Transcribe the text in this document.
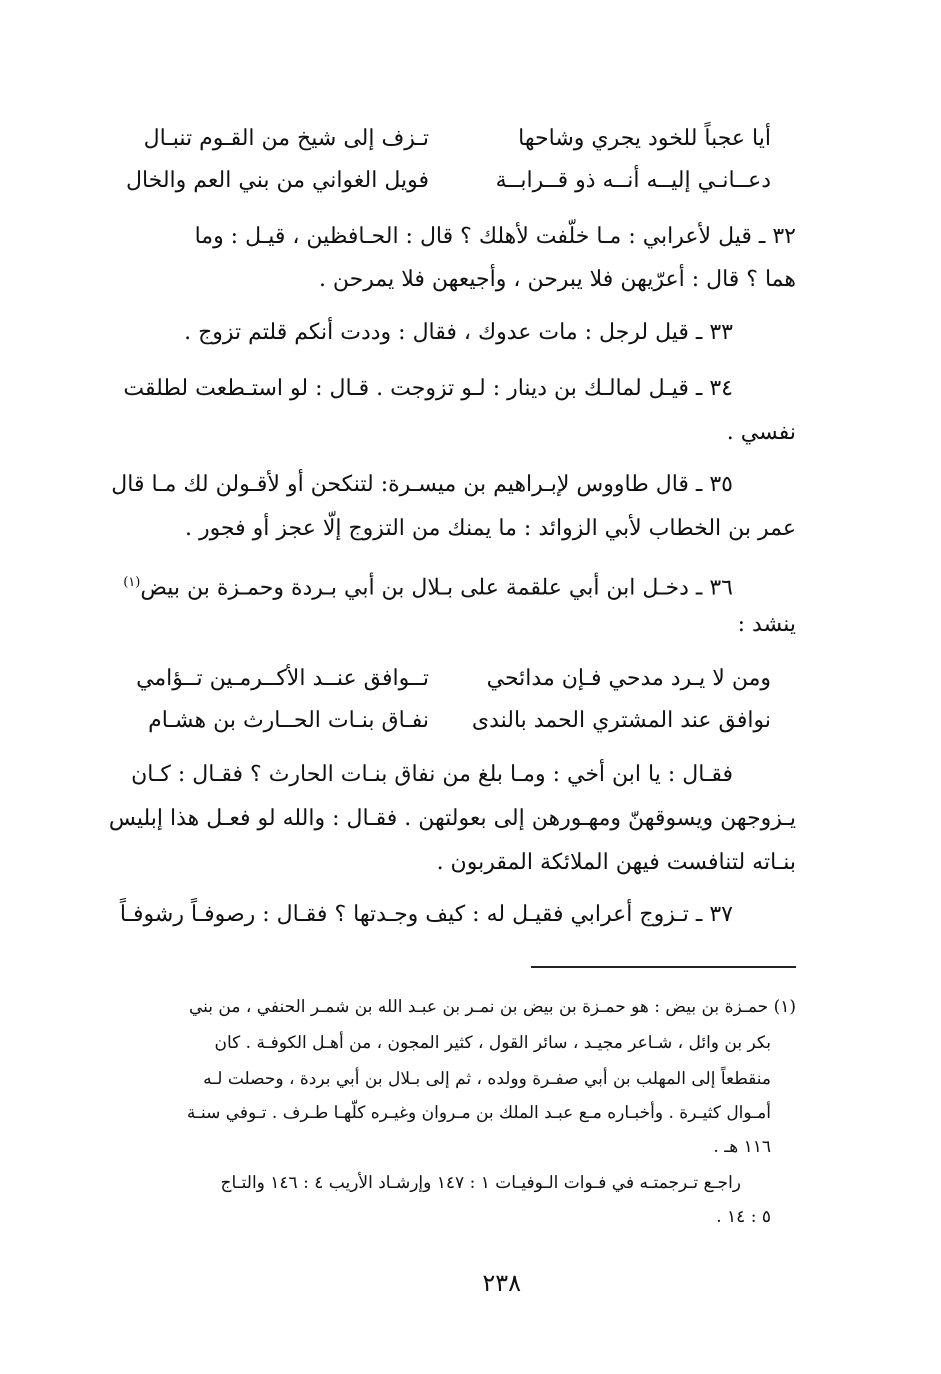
أيا عجباً للخود يجري وشاحها
تـزف إلى شيخ من القـوم تنبـال
دعــانـي إليــه أنــه ذو قــرابــة
فويل الغواني من بني العم والخال
٣٢ ـ قيل لأعرابي : مـا خلّفت لأهلك ؟ قال : الحـافظين ، قيـل : وما
هما ؟ قال : أعرّيهن فلا يبرحن ، وأجيعهن فلا يمرحن .
٣٣ ـ قيل لرجل : مات عدوك ، فقال : وددت أنكم قلتم تزوج .
٣٤ ـ قيـل لمالـك بن دينار : لـو تزوجت . قـال : لو استـطعت لطلقت
نفسي .
٣٥ ـ قال طاووس لإبـراهيم بن ميسـرة: لتنكحن أو لأقـولن لك مـا قال
عمر بن الخطاب لأبي الزوائد : ما يمنك من التزوج إلّا عجز أو فجور .
٣٦ ـ دخـل ابن أبي علقمة على بـلال بن أبي بـردة وحمـزة بن بيض$^{(١)}$
ينشد :
ومن لا يـرد مدحي فـإن مدائحي
تــوافق عنــد الأكــرمـين تــؤامي
نوافق عند المشتري الحمد بالندى
نفـاق بنـات الحــارث بن هشـام
فقـال : يا ابن أخي : ومـا بلغ من نفاق بنـات الحارث ؟ فقـال : كـان
يـزوجهن ويسوقهنّ ومهـورهن إلى بعولتهن . فقـال : والله لو فعـل هذا إبليس
بنـاته لتنافست فيهن الملائكة المقربون .
٣٧ ـ تـزوج أعرابي فقيـل له : كيف وجـدتها ؟ فقـال : رصوفـاً رشوفـاً
(١) حمـزة بن بيض : هو حمـزة بن بيض بن نمـر بن عبـد الله بن شمـر الحنفي ، من بني
بكر بن وائل ، شـاعر مجيـد ، سائر القول ، كثير المجون ، من أهـل الكوفـة . كان
منقطعاً إلى المهلب بن أبي صفـرة وولده ، ثم إلى بـلال بن أبي بردة ، وحصلت لـه
أمـوال كثيـرة . وأخبـاره مـع عبـد الملك بن مـروان وغيـره كلّهـا طـرف . تـوفي سنـة
١١٦ هـ .
راجـع تـرجمتـه في فـوات الـوفيـات ١ : ١٤٧ وإرشـاد الأريب ٤ : ١٤٦ والتـاج
٥ : ١٤ .
٢٣٨
